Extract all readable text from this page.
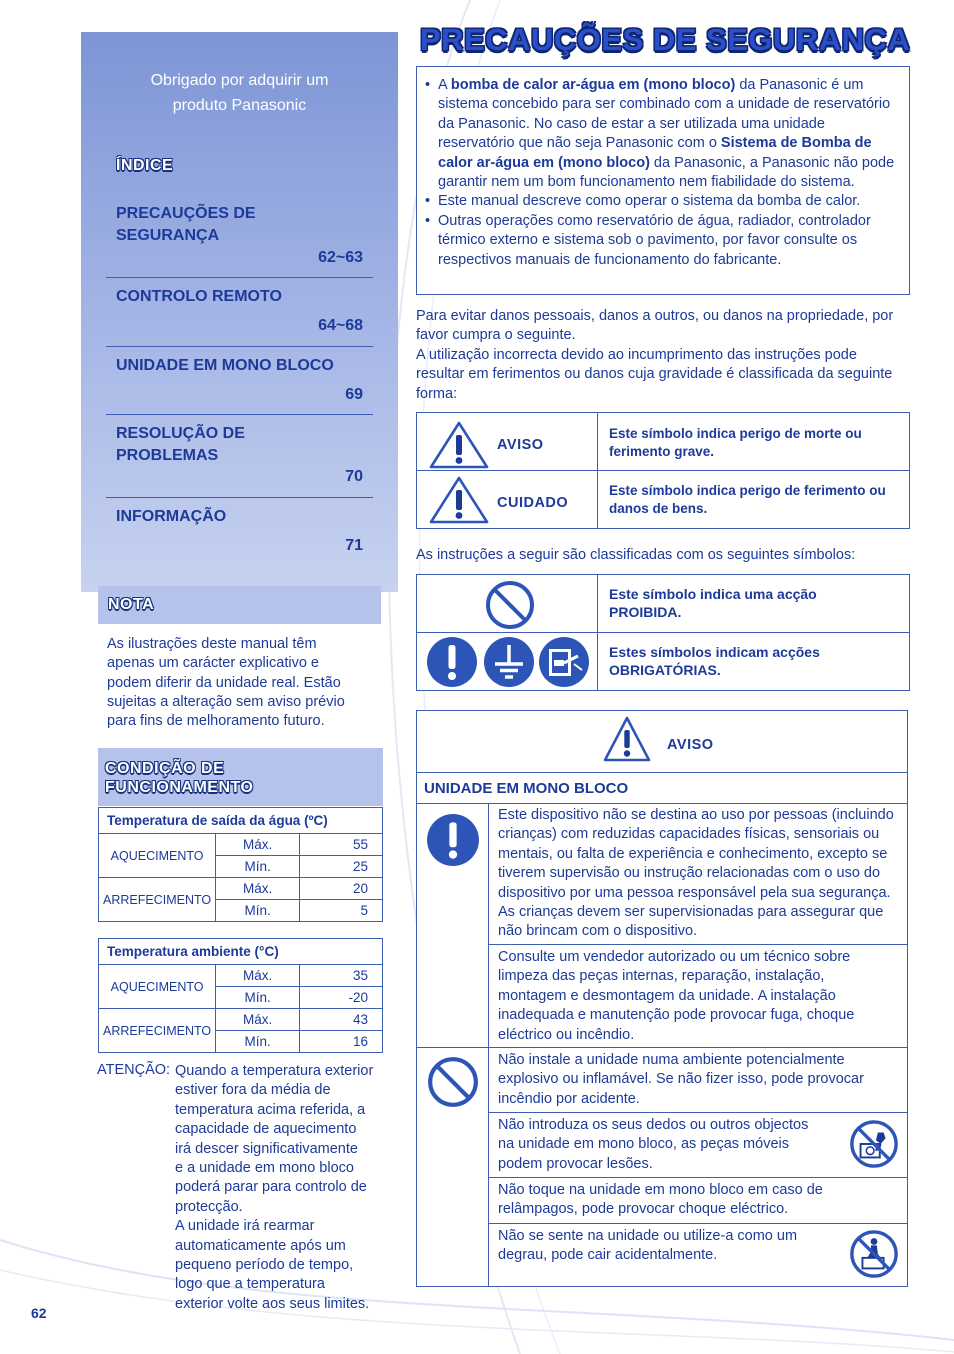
Obrigado por adquirir um
produto Panasonic
ÍNDICE
PRECAUÇÕES DE
SEGURANÇA
62~63
CONTROLO REMOTO
64~68
UNIDADE EM MONO BLOCO
69
RESOLUÇÃO DE
PROBLEMAS
70
INFORMAÇÃO
71
NOTA
As ilustrações deste manual têm
apenas um carácter explicativo e
podem diferir da unidade real. Estão
sujeitas a alteração sem aviso prévio
para fins de melhoramento futuro.
CONDIÇÃO DE
FUNCIONAMENTO
Temperatura de saída da água (ºC)		
AQUECIMENTO	Máx.	55
	Mín.	25
ARREFECIMENTO	Máx.	20
	Mín.	5
Temperatura ambiente (°C)		
AQUECIMENTO	Máx.	35
	Mín.	-20
ARREFECIMENTO	Máx.	43
	Mín.	16
ATENÇÃO: Quando a temperatura exterior
estiver fora da média de
temperatura acima referida, a
capacidade de aquecimento
irá descer significativamente
e a unidade em mono bloco
poderá parar para controlo de
protecção.
A unidade irá rearmar
automaticamente após um
pequeno período de tempo,
logo que a temperatura
exterior volte aos seus limites.
62
PRECAUÇÕES DE SEGURANÇA
• A bomba de calor ar-água em (mono bloco) da Panasonic é um sistema concebido para ser combinado com a unidade de reservatório da Panasonic. No caso de estar a ser utilizada uma unidade reservatório que não seja Panasonic com o Sistema de Bomba de calor ar-água em (mono bloco) da Panasonic, a Panasonic não pode garantir nem um bom funcionamento nem fiabilidade do sistema.
• Este manual descreve como operar o sistema da bomba de calor.
• Outras operações como reservatório de água, radiador, controlador térmico externo e sistema sob o pavimento, por favor consulte os respectivos manuais de funcionamento do fabricante.
Para evitar danos pessoais, danos a outros, ou danos na propriedade, por
favor cumpra o seguinte.
A utilização incorrecta devido ao incumprimento das instruções pode
resultar em ferimentos ou danos cuja gravidade é classificada da seguinte
forma:
AVISO
Este símbolo indica perigo de morte ou
ferimento grave.
CUIDADO
Este símbolo indica perigo de ferimento ou
danos de bens.
As instruções a seguir são classificadas com os seguintes símbolos:
Este símbolo indica uma acção
PROIBIDA.
Estes símbolos indicam acções
OBRIGATÓRIAS.
AVISO
UNIDADE EM MONO BLOCO
Este dispositivo não se destina ao uso por pessoas (incluindo
crianças) com reduzidas capacidades físicas, sensoriais ou
mentais, ou falta de experiência e conhecimento, excepto se
tiverem supervisão ou instrução relacionadas com o uso do
dispositivo por uma pessoa responsável pela sua segurança.
As crianças devem ser supervisionadas para assegurar que
não brincam com o dispositivo.
Consulte um vendedor autorizado ou um técnico sobre
limpeza das peças internas, reparação, instalação,
montagem e desmontagem da unidade. A instalação
inadequada e manutenção pode provocar fuga, choque
eléctrico ou incêndio.
Não instale a unidade numa ambiente potencialmente
explosivo ou inflamável. Se não fizer isso, pode provocar
incêndio por acidente.
Não introduza os seus dedos ou outros objectos
na unidade em mono bloco, as peças móveis
podem provocar lesões.
Não toque na unidade em mono bloco em caso de
relâmpagos, pode provocar choque eléctrico.
Não se sente na unidade ou utilize-a como um
degrau, pode cair acidentalmente.
